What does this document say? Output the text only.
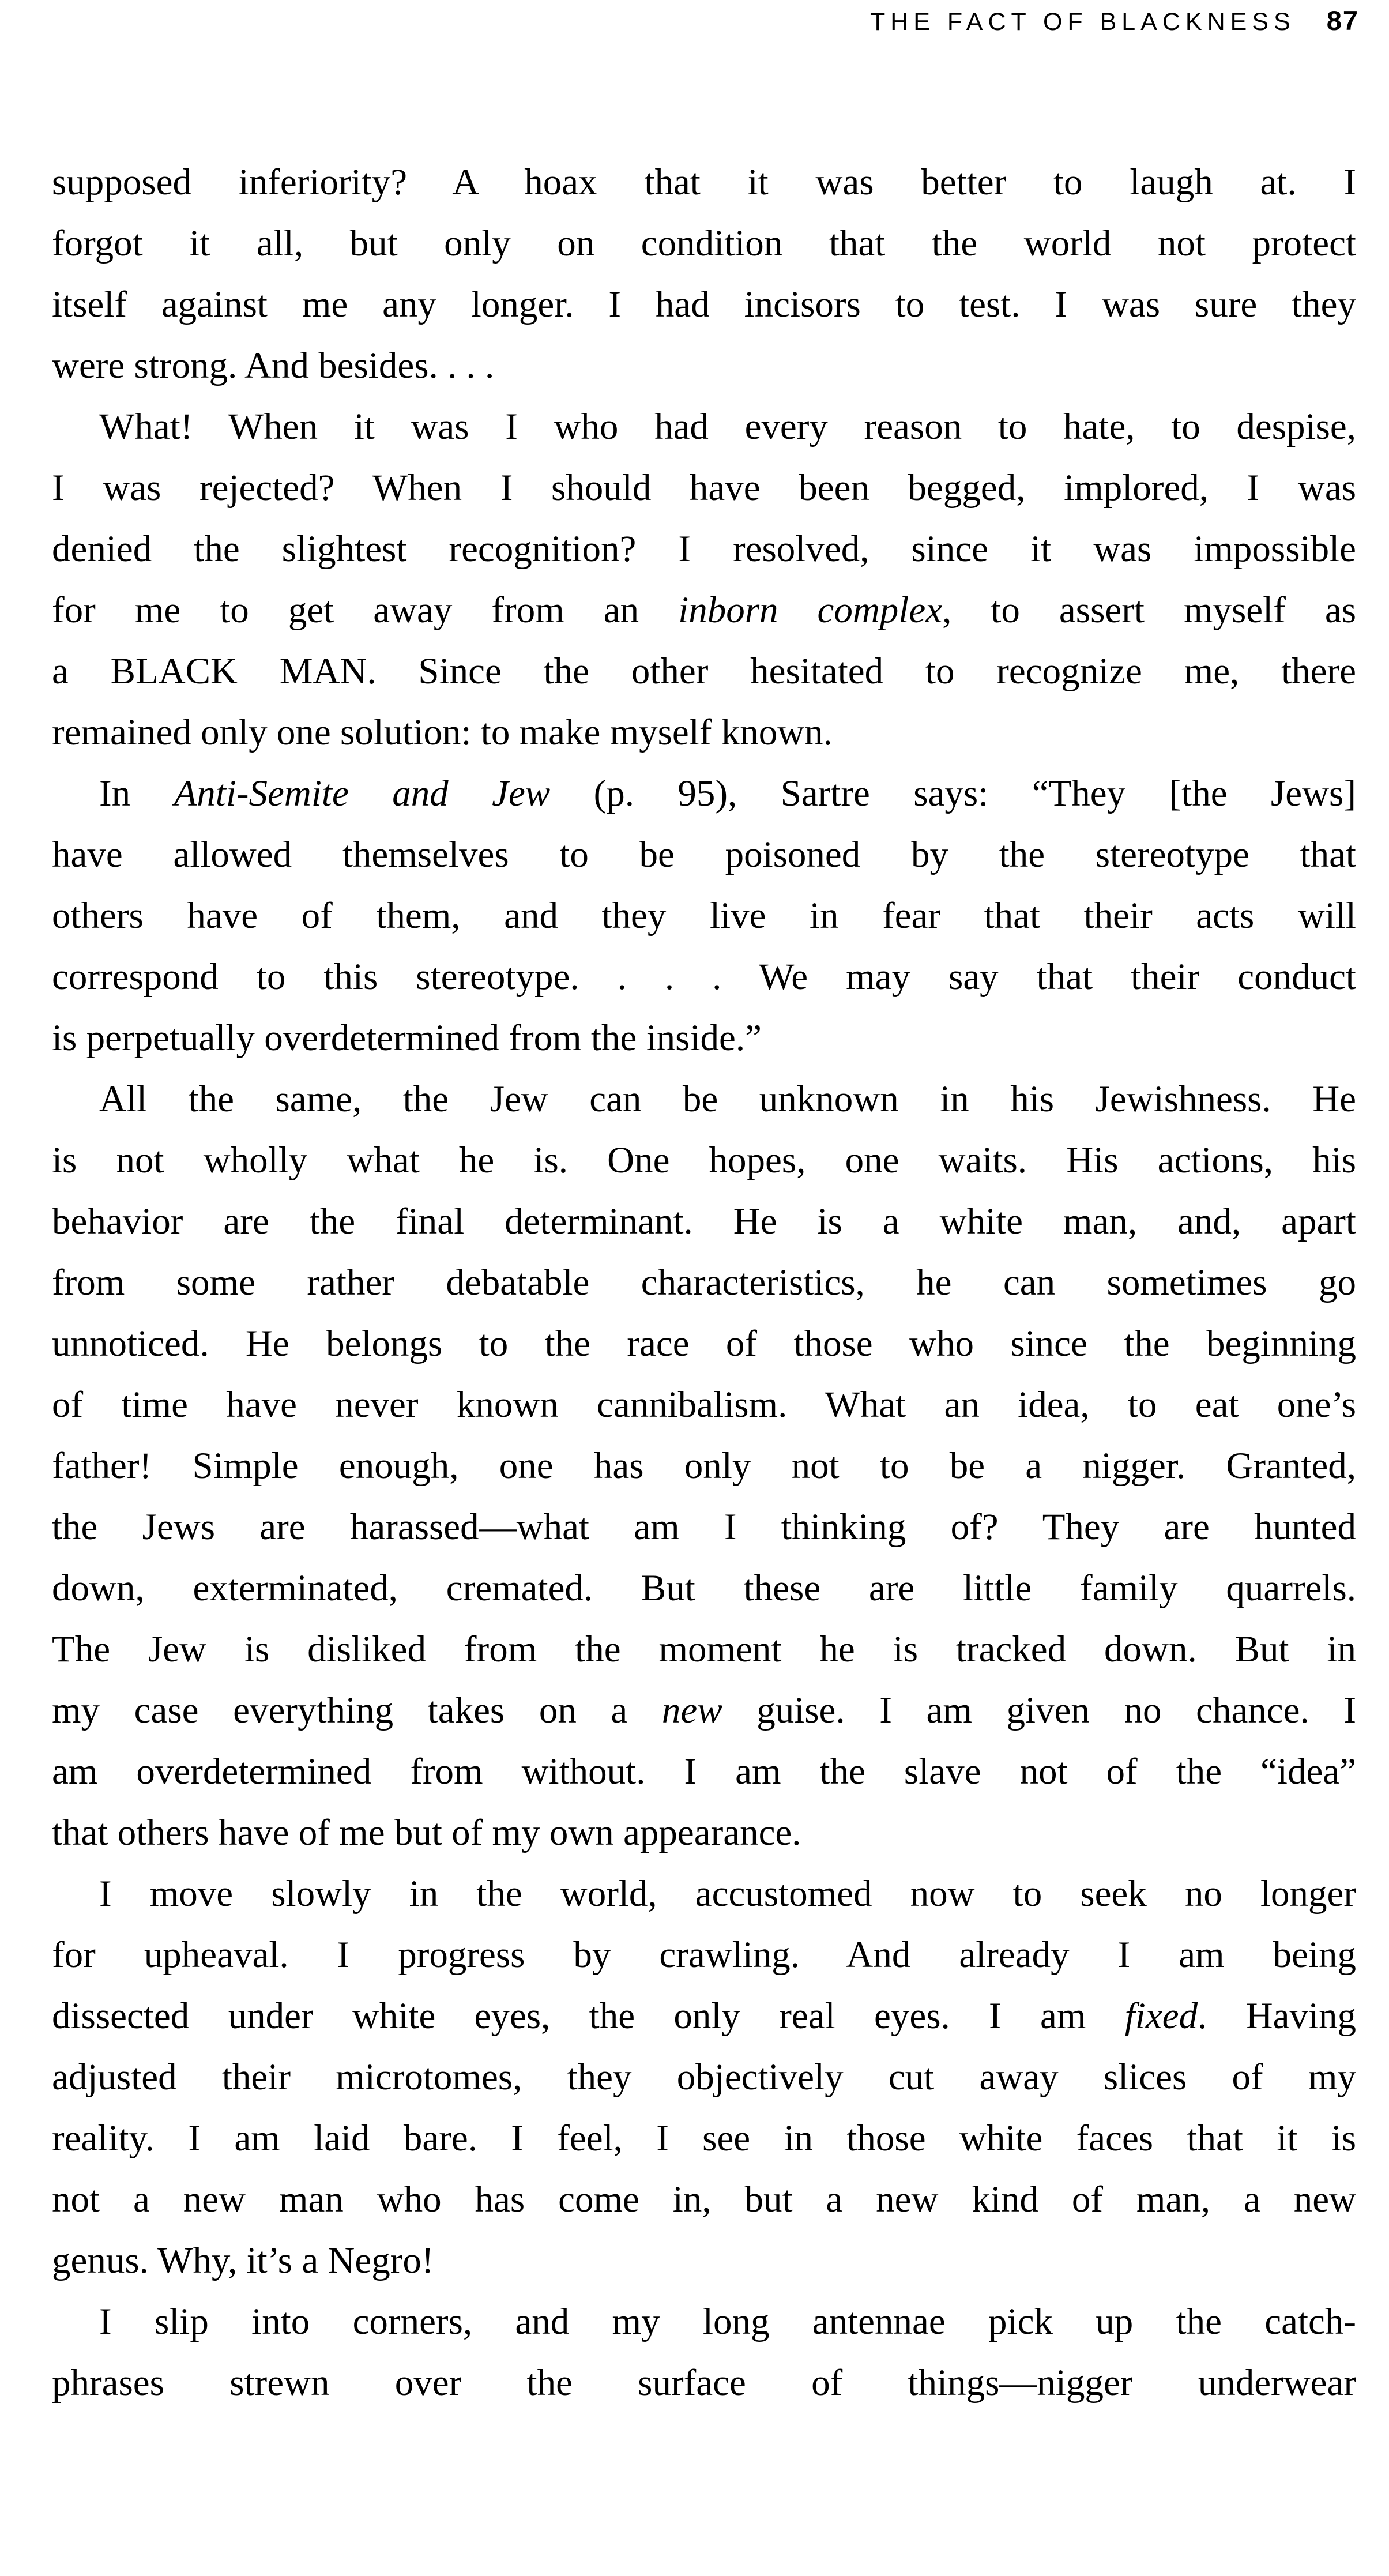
THE FACT OF BLACKNESS 87
supposed inferiority? A hoax that it was better to laugh at. I
forgot it all, but only on condition that the world not protect
itself against me any longer. I had incisors to test. I was sure they
were strong. And besides. . . .
What! When it was I who had every reason to hate, to despise,
I was rejected? When I should have been begged, implored, I was
denied the slightest recognition? I resolved, since it was impossible
for me to get away from an inborn complex, to assert myself as
a BLACK MAN. Since the other hesitated to recognize me, there
remained only one solution: to make myself known.
In Anti-Semite and Jew (p. 95), Sartre says: “They [the Jews]
have allowed themselves to be poisoned by the stereotype that
others have of them, and they live in fear that their acts will
correspond to this stereotype. . . . We may say that their conduct
is perpetually overdetermined from the inside.”
All the same, the Jew can be unknown in his Jewishness. He
is not wholly what he is. One hopes, one waits. His actions, his
behavior are the final determinant. He is a white man, and, apart
from some rather debatable characteristics, he can sometimes go
unnoticed. He belongs to the race of those who since the beginning
of time have never known cannibalism. What an idea, to eat one’s
father! Simple enough, one has only not to be a nigger. Granted,
the Jews are harassed—what am I thinking of? They are hunted
down, exterminated, cremated. But these are little family quarrels.
The Jew is disliked from the moment he is tracked down. But in
my case everything takes on a new guise. I am given no chance. I
am overdetermined from without. I am the slave not of the “idea”
that others have of me but of my own appearance.
I move slowly in the world, accustomed now to seek no longer
for upheaval. I progress by crawling. And already I am being
dissected under white eyes, the only real eyes. I am fixed. Having
adjusted their microtomes, they objectively cut away slices of my
reality. I am laid bare. I feel, I see in those white faces that it is
not a new man who has come in, but a new kind of man, a new
genus. Why, it’s a Negro!
I slip into corners, and my long antennae pick up the catch-
phrases strewn over the surface of things—nigger underwear
